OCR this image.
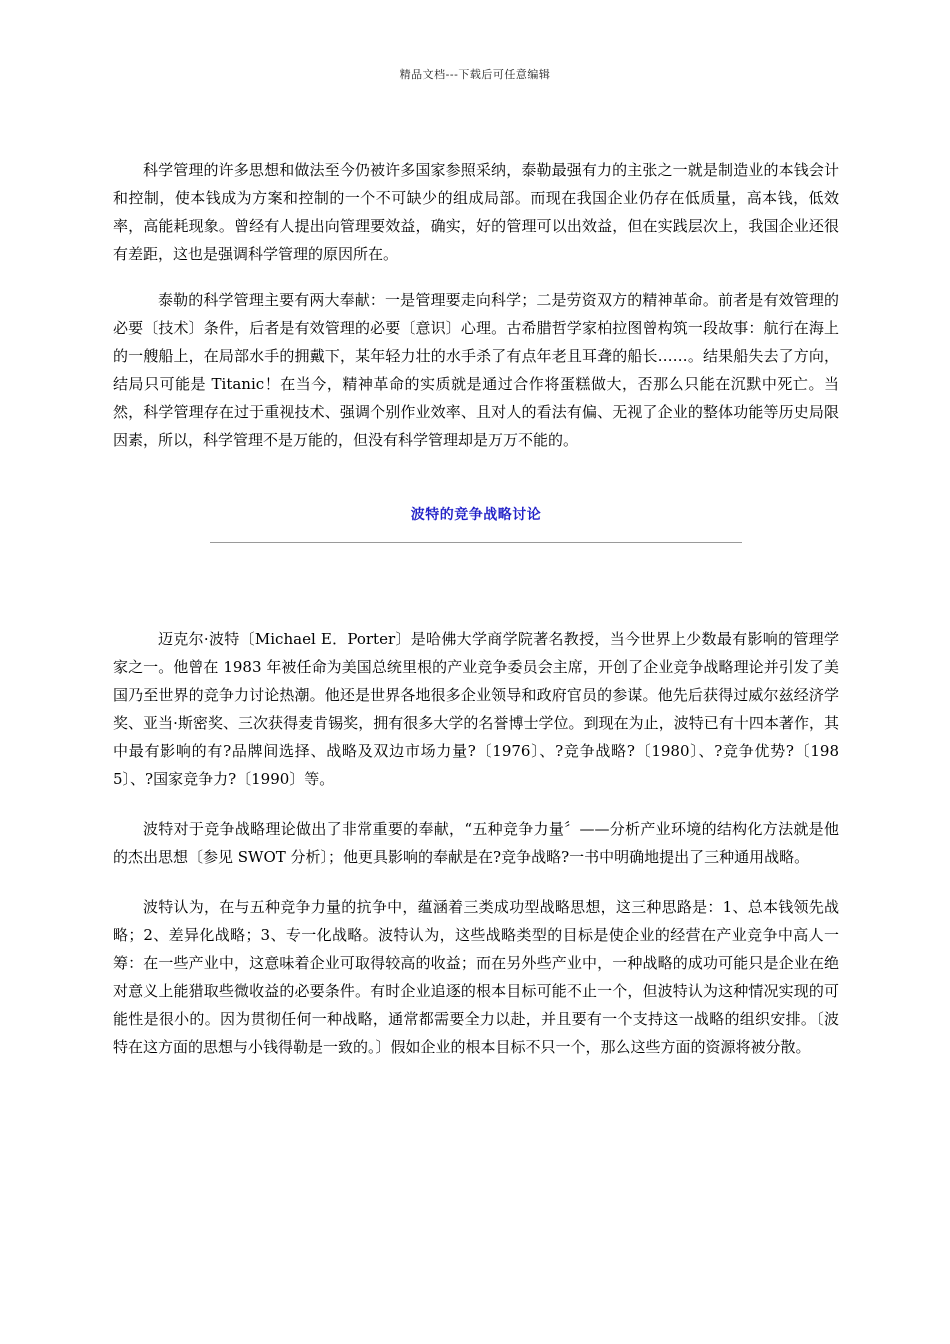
精品文档---下载后可任意编辑

科学管理的许多思想和做法至今仍被许多国家参照采纳，泰勒最强有力的主张之一就是制造业的本钱会计和控制，使本钱成为方案和控制的一个不可缺少的组成局部。而现在我国企业仍存在低质量，高本钱，低效率，高能耗现象。曾经有人提出向管理要效益，确实，好的管理可以出效益，但在实践层次上，我国企业还很有差距，这也是强调科学管理的原因所在。

泰勒的科学管理主要有两大奉献：一是管理要走向科学；二是劳资双方的精神革命。前者是有效管理的必要〔技术〕条件，后者是有效管理的必要〔意识〕心理。古希腊哲学家柏拉图曾构筑一段故事：航行在海上的一艘船上，在局部水手的拥戴下，某年轻力壮的水手杀了有点年老且耳聋的船长……。结果船失去了方向，结局只可能是 Titanic！在当今，精神革命的实质就是通过合作将蛋糕做大，否那么只能在沉默中死亡。当然，科学管理存在过于重视技术、强调个别作业效率、且对人的看法有偏、无视了企业的整体功能等历史局限因素，所以，科学管理不是万能的，但没有科学管理却是万万不能的。

波特的竞争战略讨论

迈克尔·波特〔Michael E．Porter〕是哈佛大学商学院著名教授，当今世界上少数最有影响的管理学家之一。他曾在 1983 年被任命为美国总统里根的产业竞争委员会主席，开创了企业竞争战略理论并引发了美国乃至世界的竞争力讨论热潮。他还是世界各地很多企业领导和政府官员的参谋。他先后获得过威尔兹经济学奖、亚当·斯密奖、三次获得麦肯锡奖，拥有很多大学的名誉博士学位。到现在为止，波特已有十四本著作，其中最有影响的有?品牌间选择、战略及双边市场力量?〔1976〕、?竞争战略?〔1980〕、?竞争优势?〔1985〕、?国家竞争力?〔1990〕等。

波特对于竞争战略理论做出了非常重要的奉献，“五种竞争力量〞——分析产业环境的结构化方法就是他的杰出思想〔参见 SWOT 分析〕；他更具影响的奉献是在?竞争战略?一书中明确地提出了三种通用战略。

波特认为，在与五种竞争力量的抗争中，蕴涵着三类成功型战略思想，这三种思路是：1、总本钱领先战略；2、差异化战略；3、专一化战略。波特认为，这些战略类型的目标是使企业的经营在产业竞争中高人一筹：在一些产业中，这意味着企业可取得较高的收益；而在另外些产业中，一种战略的成功可能只是企业在绝对意义上能猎取些微收益的必要条件。有时企业追逐的根本目标可能不止一个，但波特认为这种情况实现的可能性是很小的。因为贯彻任何一种战略，通常都需要全力以赴，并且要有一个支持这一战略的组织安排。〔波特在这方面的思想与小钱得勒是一致的。〕假如企业的根本目标不只一个，那么这些方面的资源将被分散。
